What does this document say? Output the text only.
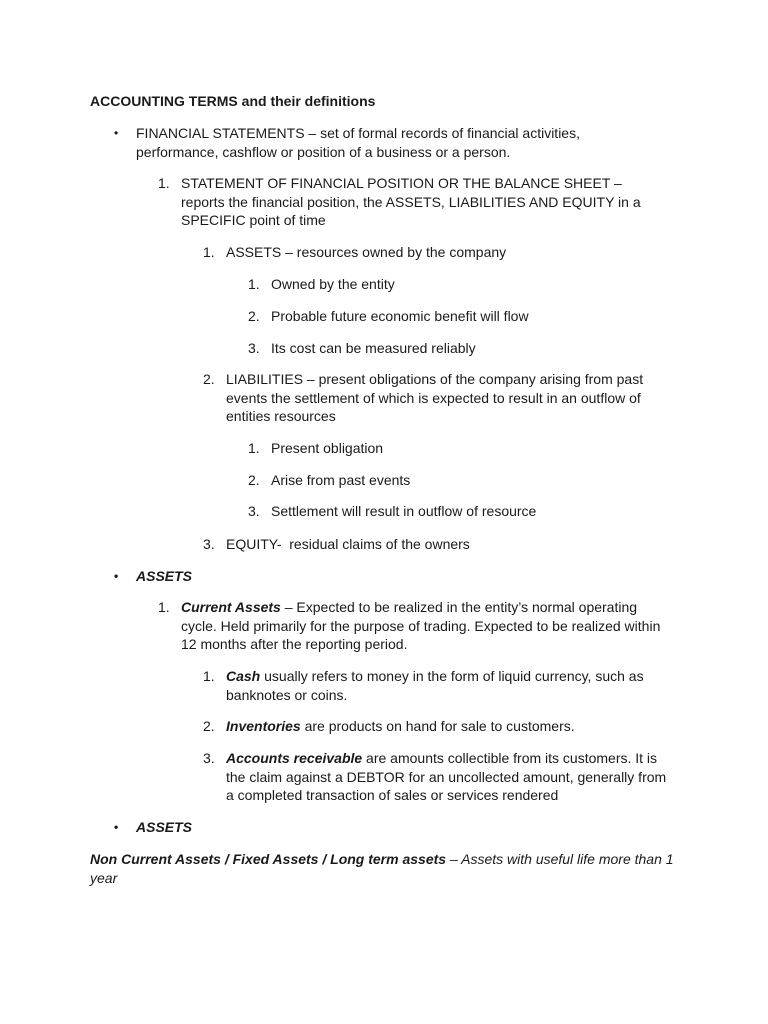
ACCOUNTING TERMS and their definitions
• FINANCIAL STATEMENTS – set of formal records of financial activities, performance, cashflow or position of a business or a person.
1. STATEMENT OF FINANCIAL POSITION OR THE BALANCE SHEET – reports the financial position, the ASSETS, LIABILITIES AND EQUITY in a SPECIFIC point of time
1. ASSETS – resources owned by the company
1. Owned by the entity
2. Probable future economic benefit will flow
3. Its cost can be measured reliably
2. LIABILITIES – present obligations of the company arising from past events the settlement of which is expected to result in an outflow of entities resources
1. Present obligation
2. Arise from past events
3. Settlement will result in outflow of resource
3. EQUITY-  residual claims of the owners
• ASSETS
1. Current Assets – Expected to be realized in the entity’s normal operating cycle. Held primarily for the purpose of trading. Expected to be realized within 12 months after the reporting period.
1. Cash usually refers to money in the form of liquid currency, such as banknotes or coins.
2. Inventories are products on hand for sale to customers.
3. Accounts receivable are amounts collectible from its customers. It is the claim against a DEBTOR for an uncollected amount, generally from a completed transaction of sales or services rendered
• ASSETS
Non Current Assets / Fixed Assets / Long term assets – Assets with useful life more than 1 year
